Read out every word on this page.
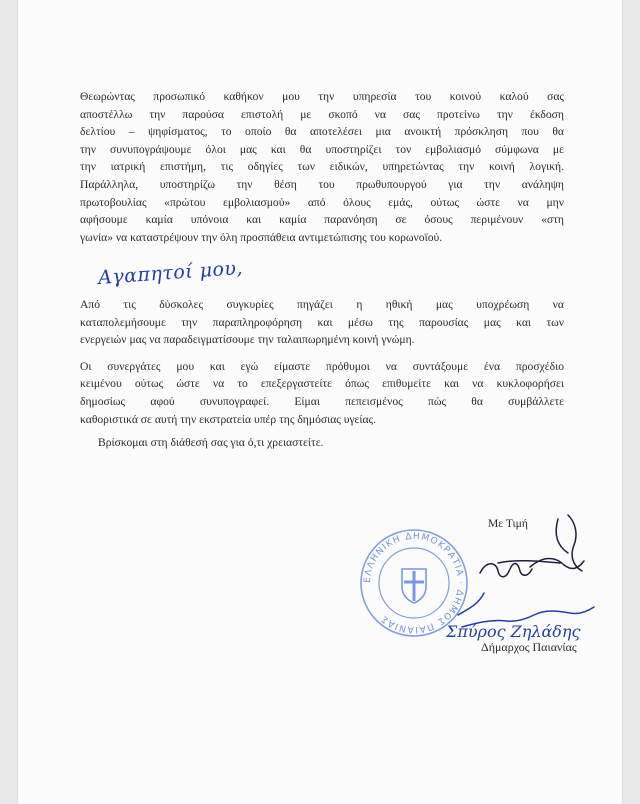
Θεωρώντας προσωπικό καθήκον μου την υπηρεσία του κοινού καλού σας
αποστέλλω την παρούσα επιστολή με σκοπό να σας προτείνω την έκδοση
δελτίου – ψηφίσματος, το οποίο θα αποτελέσει μια ανοικτή πρόσκληση που θα
την συνυπογράψουμε όλοι μας και θα υποστηρίζει τον εμβολιασμό σύμφωνα με
την ιατρική επιστήμη, τις οδηγίες των ειδικών, υπηρετώντας την κοινή λογική.
Παράλληλα, υποστηρίζω την θέση του πρωθυπουργού για την ανάληψη
πρωτοβουλίας «πρώτου εμβολιασμού» από όλους εμάς, ούτως ώστε να μην
αφήσουμε καμία υπόνοια και καμία παρανόηση σε όσους περιμένουν «στη
γωνία» να καταστρέψουν την όλη προσπάθεια αντιμετώπισης του κορωνοϊού.
Αγαπητοί μου,
Από τις δύσκολες συγκυρίες πηγάζει η ηθική μας υποχρέωση να
καταπολεμήσουμε την παραπληροφόρηση και μέσω της παρουσίας μας και των
ενεργειών μας να παραδειγματίσουμε την ταλαιπωρημένη κοινή γνώμη.
Οι συνεργάτες μου και εγώ είμαστε πρόθυμοι να συντάξουμε ένα προσχέδιο
κειμένου ούτως ώστε να το επεξεργαστείτε όπως επιθυμείτε και να κυκλοφορήσει
δημοσίως αφού συνυπογραφεί. Είμαι πεπεισμένος πώς θα συμβάλλετε
καθοριστικά σε αυτή την εκστρατεία υπέρ της δημόσιας υγείας.
Βρίσκομαι στη διάθεσή σας για ό,τι χρειαστείτε.
ΕΛΛΗΝΙΚΗ ΔΗΜΟΚΡΑΤΙΑ · ΔΗΜΟΣ ΠΑΙΑΝΙΑΣ
Με Τιμή
Σπύρος Ζηλάδης
Δήμαρχος Παιανίας
